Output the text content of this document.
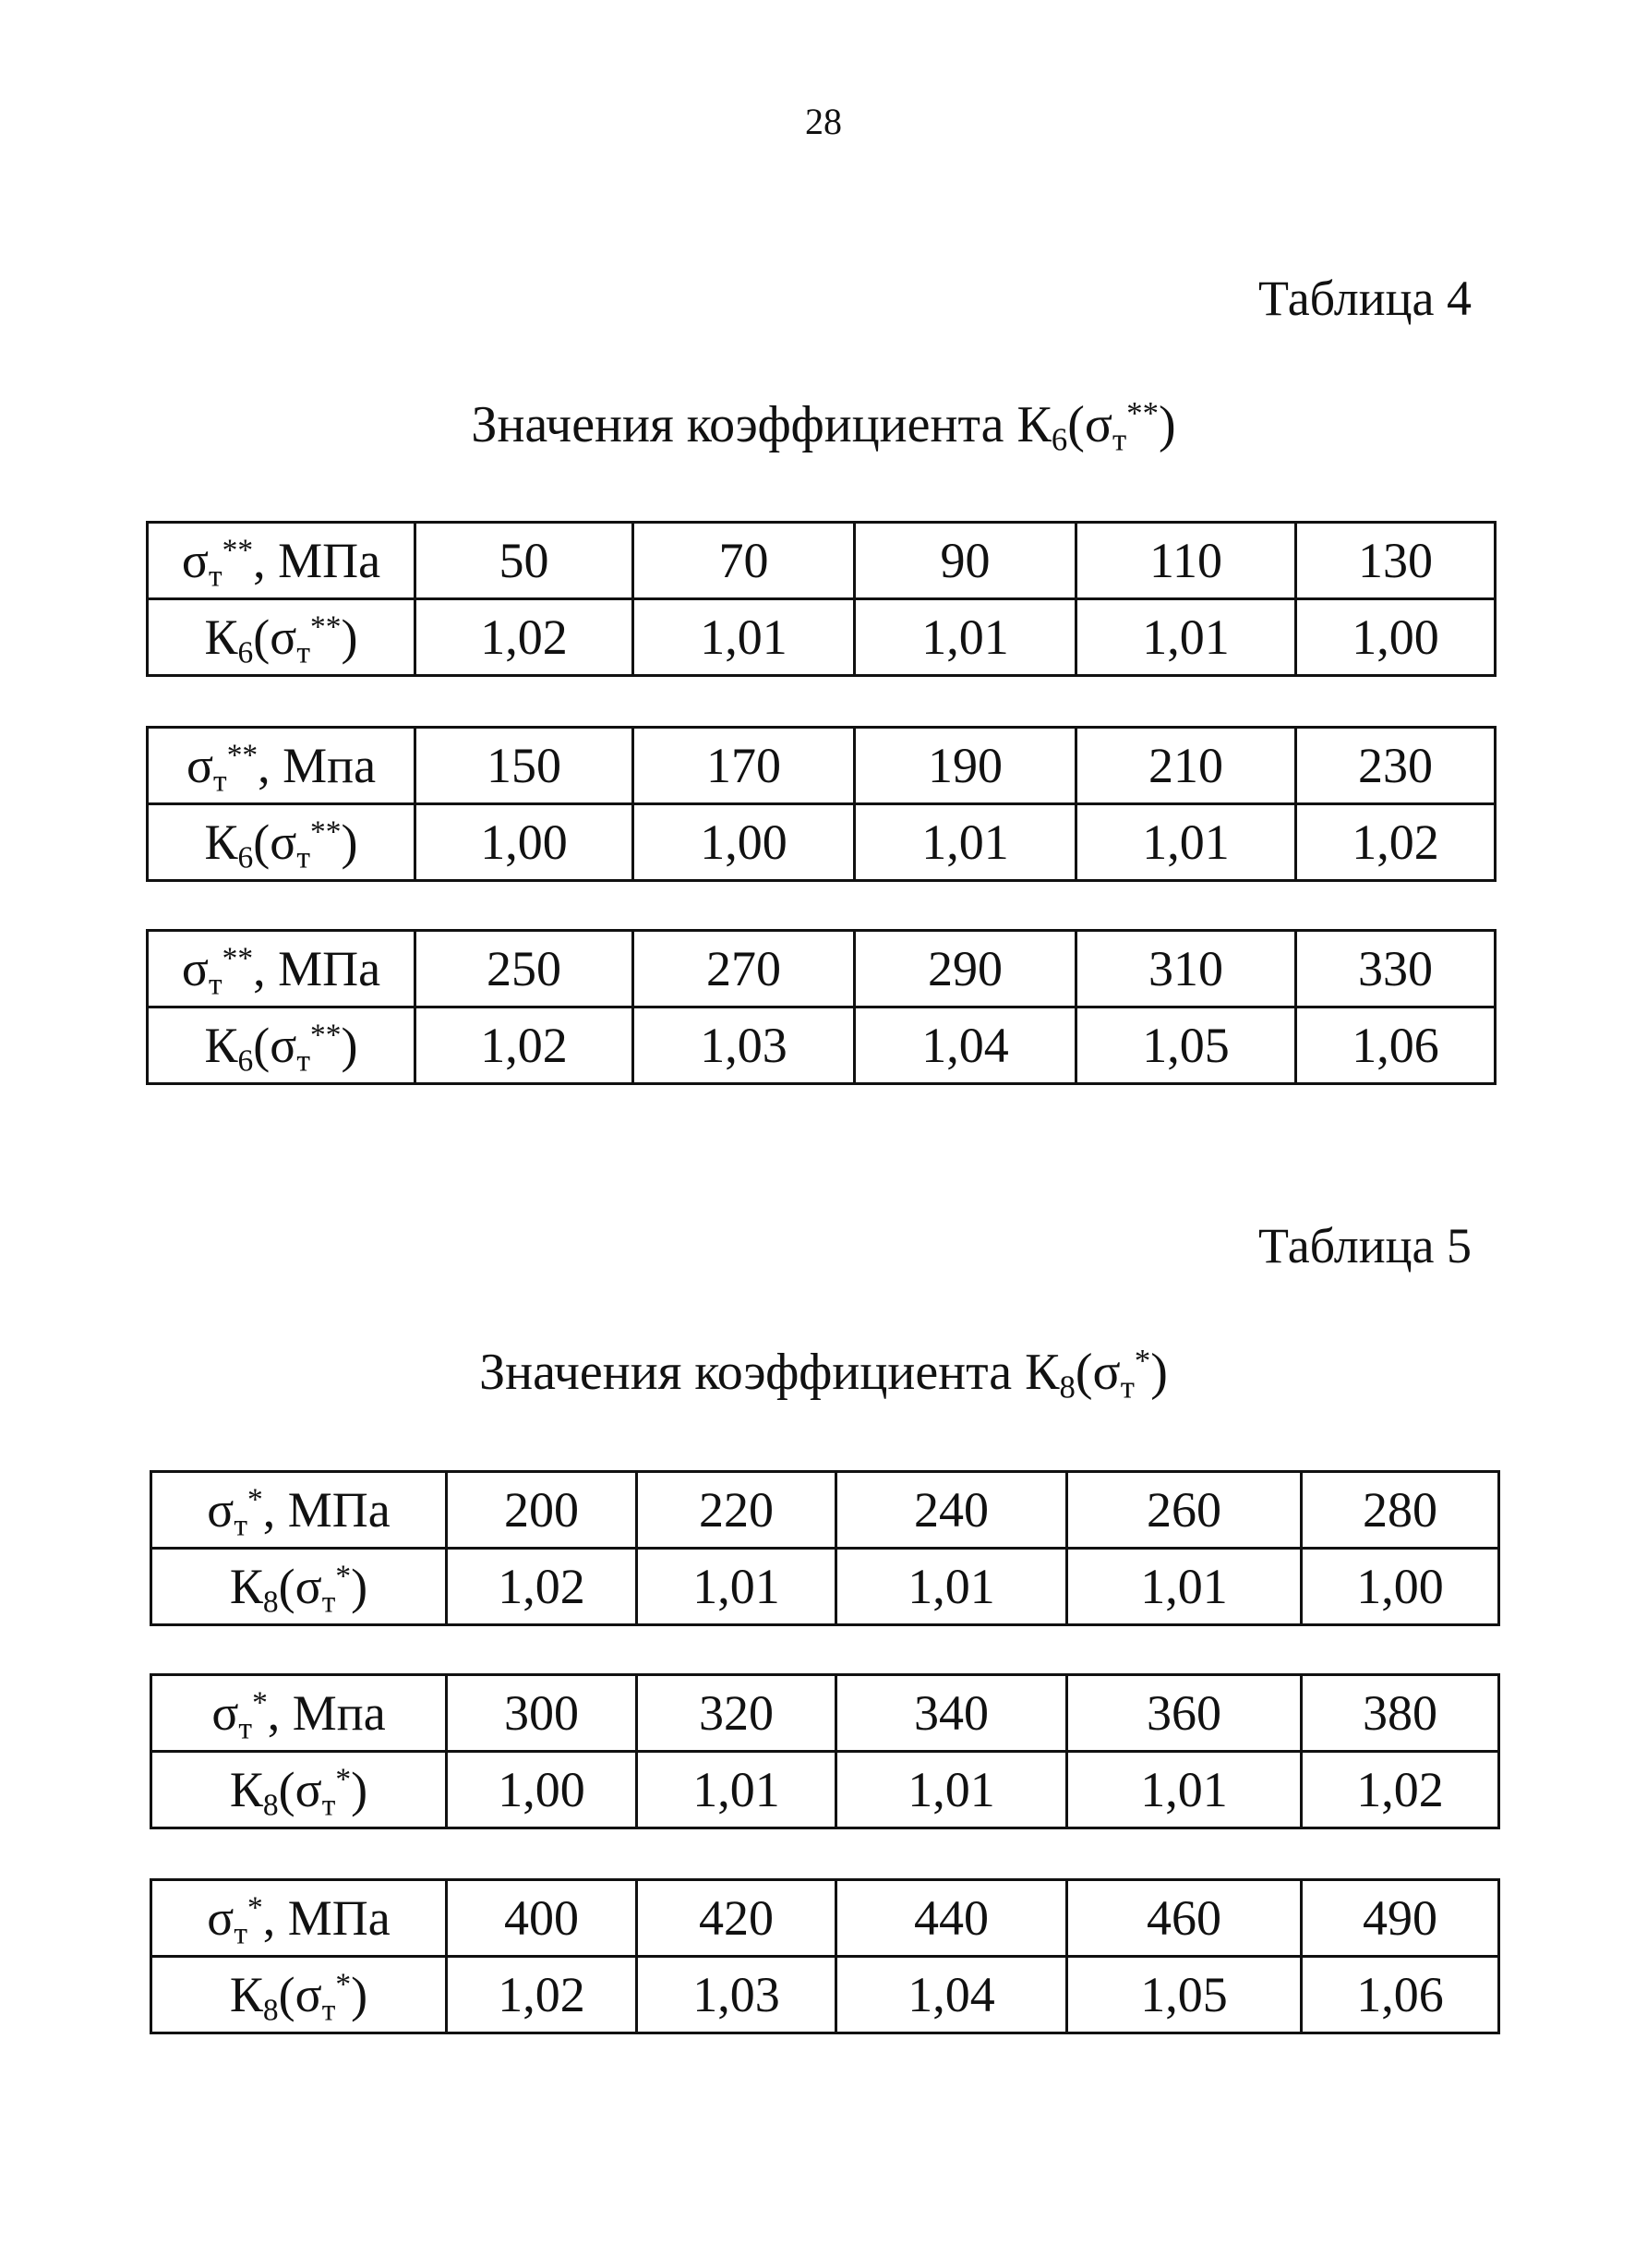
28
Таблица 4
Значения коэффициента $К_6(\sigma_т^{**})$
$\sigma_т^{**}$, МПа	50	70	90	110	130
$К_6(\sigma_т^{**})$	1,02	1,01	1,01	1,01	1,00
$\sigma_т^{**}$, Мпа	150	170	190	210	230
$К_6(\sigma_т^{**})$	1,00	1,00	1,01	1,01	1,02
$\sigma_т^{**}$, МПа	250	270	290	310	330
$К_6(\sigma_т^{**})$	1,02	1,03	1,04	1,05	1,06
Таблица 5
Значения коэффициента $К_8(\sigma_т^*)$
$\sigma_т^*$, МПа	200	220	240	260	280
$К_8(\sigma_т^*)$	1,02	1,01	1,01	1,01	1,00
$\sigma_т^*$, Мпа	300	320	340	360	380
$К_8(\sigma_т^*)$	1,00	1,01	1,01	1,01	1,02
$\sigma_т^*$, МПа	400	420	440	460	490
$К_8(\sigma_т^*)$	1,02	1,03	1,04	1,05	1,06
